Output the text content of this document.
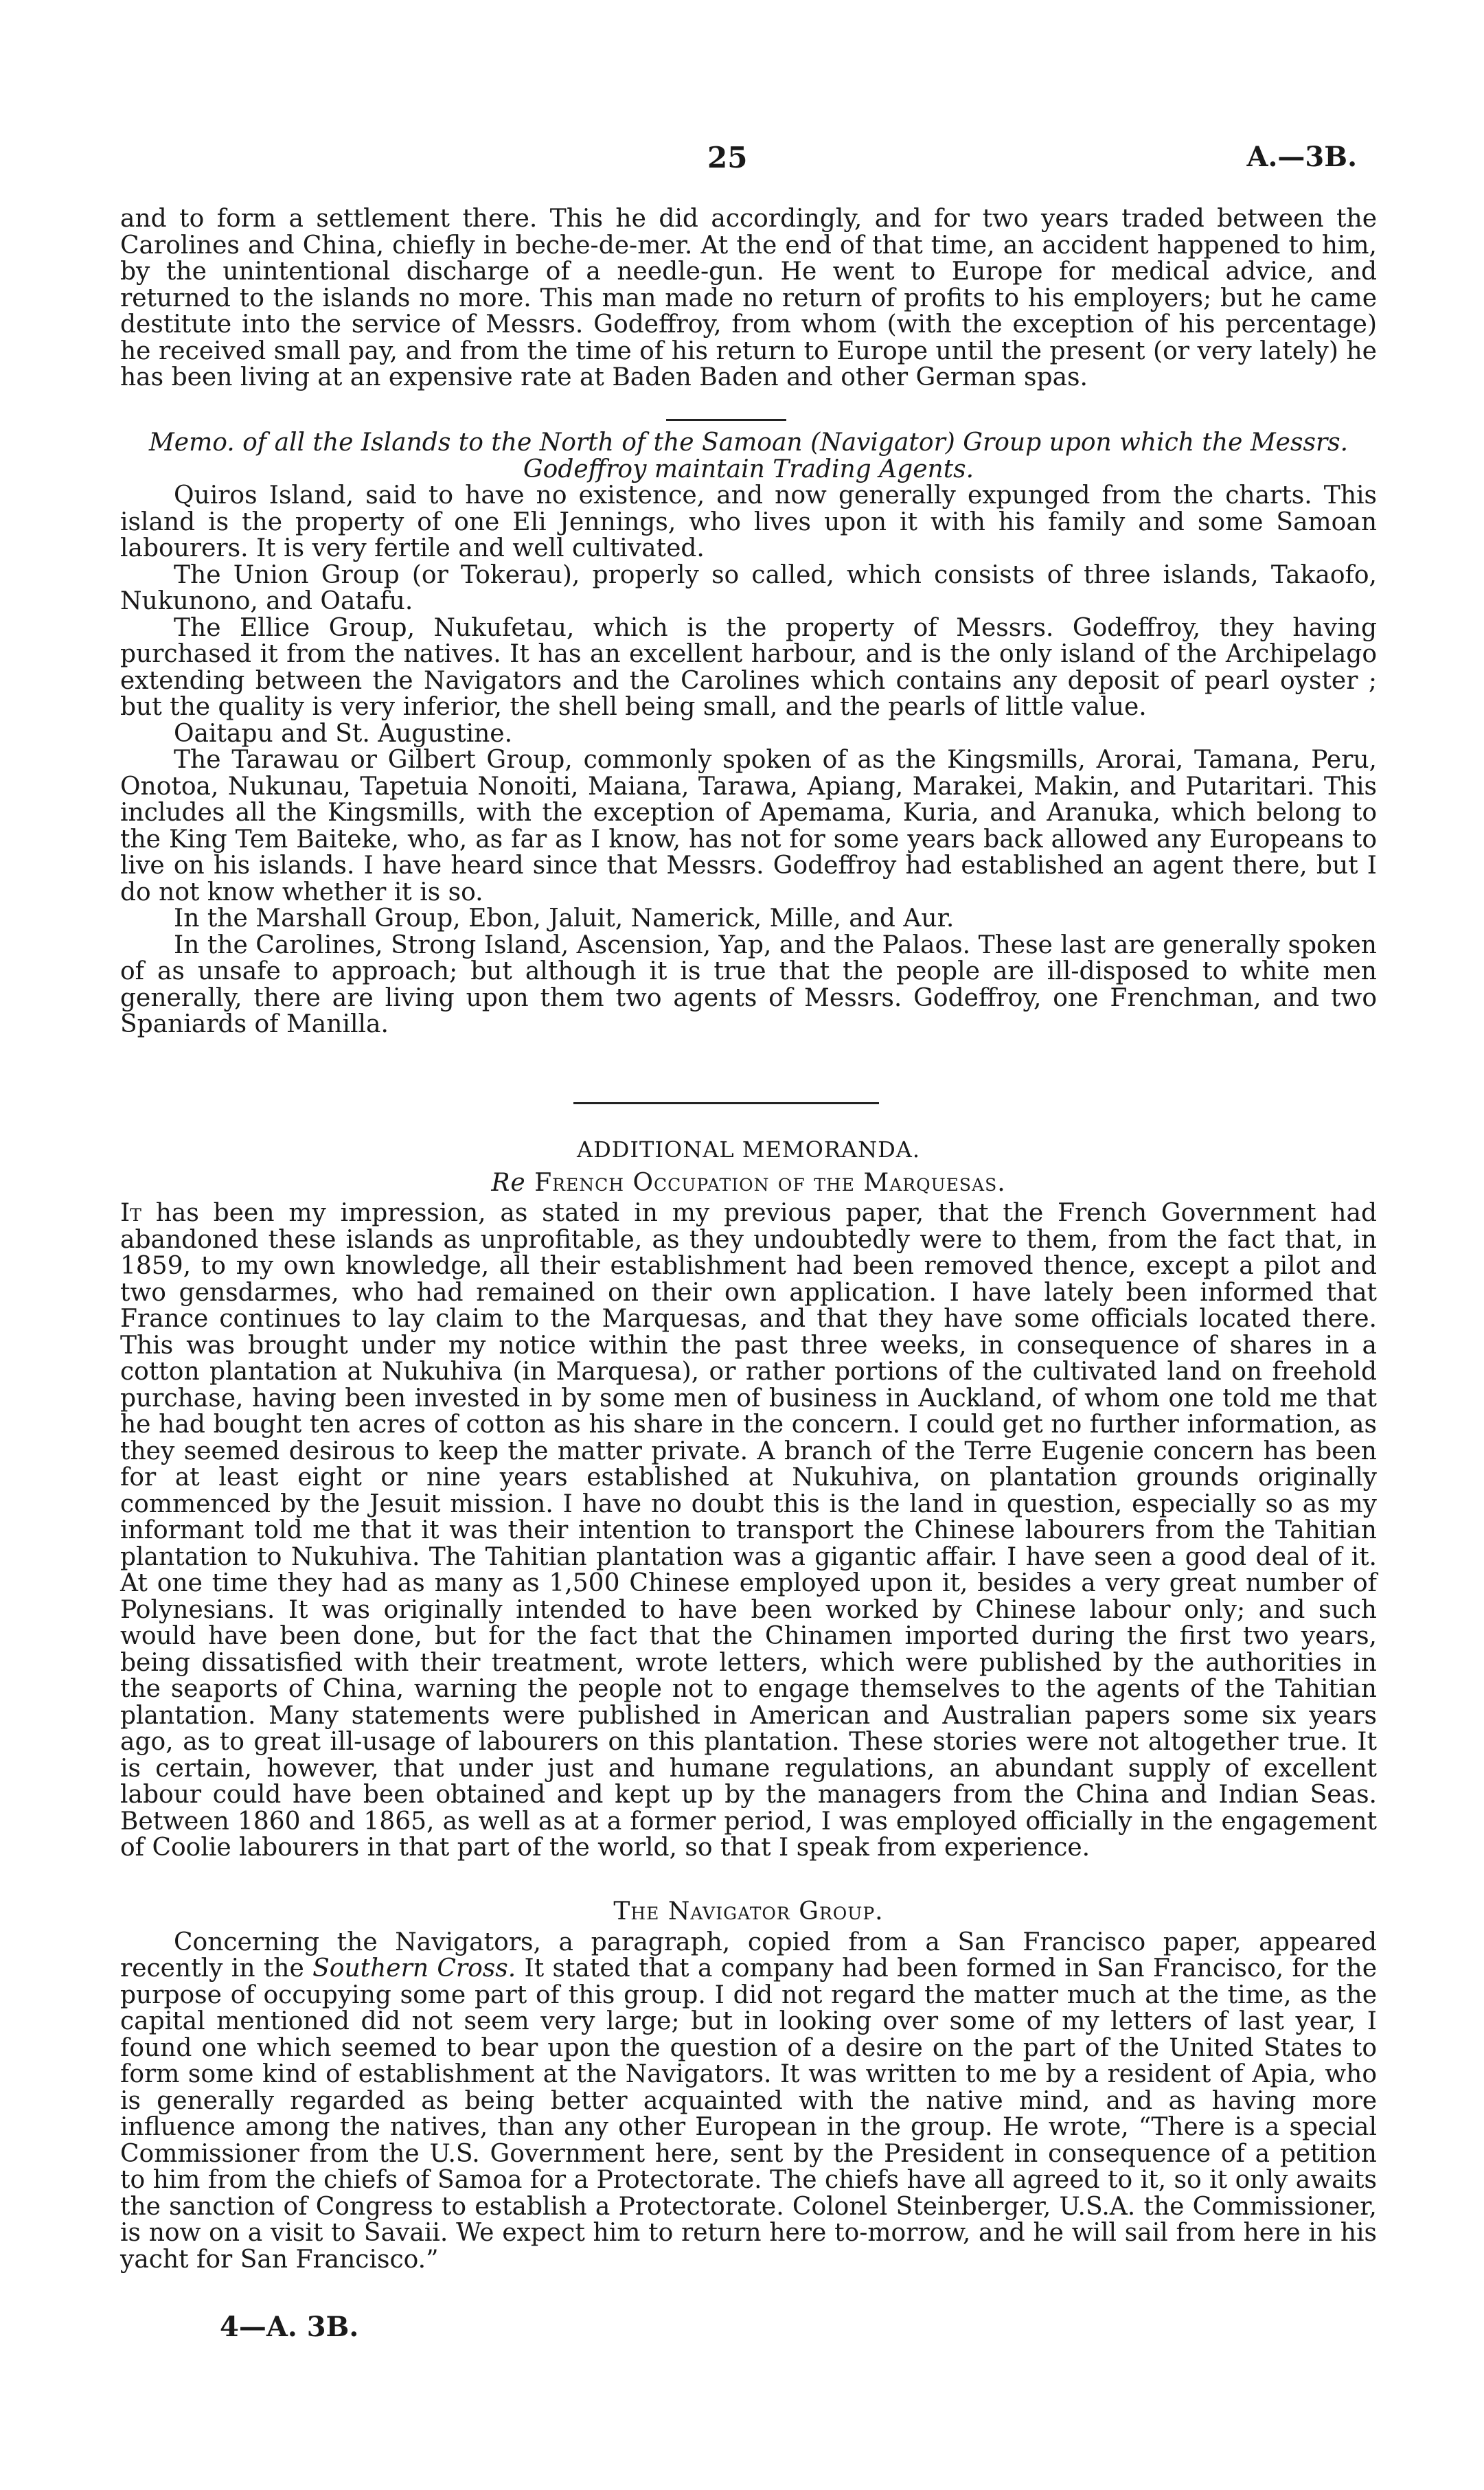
25	A.—3B.

and to form a settlement there. This he did accordingly, and for two years traded between the Carolines and China, chiefly in beche-de-mer. At the end of that time, an accident happened to him, by the unintentional discharge of a needle-gun. He went to Europe for medical advice, and returned to the islands no more. This man made no return of profits to his employers; but he came destitute into the service of Messrs. Godeffroy, from whom (with the exception of his percentage) he received small pay, and from the time of his return to Europe until the present (or very lately) he has been living at an expensive rate at Baden Baden and other German spas.

Memo. of all the Islands to the North of the Samoan (Navigator) Group upon which the Messrs. Godeffroy maintain Trading Agents.

Quiros Island, said to have no existence, and now generally expunged from the charts. This island is the property of one Eli Jennings, who lives upon it with his family and some Samoan labourers. It is very fertile and well cultivated.

The Union Group (or Tokerau), properly so called, which consists of three islands, Takaofo, Nukunono, and Oatafu.

The Ellice Group, Nukufetau, which is the property of Messrs. Godeffroy, they having purchased it from the natives. It has an excellent harbour, and is the only island of the Archipelago extending between the Navigators and the Carolines which contains any deposit of pearl oyster ; but the quality is very inferior, the shell being small, and the pearls of little value.

Oaitapu and St. Augustine.

The Tarawau or Gilbert Group, commonly spoken of as the Kingsmills, Arorai, Tamana, Peru, Onotoa, Nukunau, Tapetuia Nonoiti, Maiana, Tarawa, Apiang, Marakei, Makin, and Putaritari. This includes all the Kingsmills, with the exception of Apemama, Kuria, and Aranuka, which belong to the King Tem Baiteke, who, as far as I know, has not for some years back allowed any Europeans to live on his islands. I have heard since that Messrs. Godeffroy had established an agent there, but I do not know whether it is so.

In the Marshall Group, Ebon, Jaluit, Namerick, Mille, and Aur.

In the Carolines, Strong Island, Ascension, Yap, and the Palaos. These last are generally spoken of as unsafe to approach; but although it is true that the people are ill-disposed to white men generally, there are living upon them two agents of Messrs. Godeffroy, one Frenchman, and two Spaniards of Manilla.

ADDITIONAL MEMORANDA.

Re French Occupation of the Marquesas.

It has been my impression, as stated in my previous paper, that the French Government had abandoned these islands as unprofitable, as they undoubtedly were to them, from the fact that, in 1859, to my own knowledge, all their establishment had been removed thence, except a pilot and two gensdarmes, who had remained on their own application. I have lately been informed that France continues to lay claim to the Marquesas, and that they have some officials located there. This was brought under my notice within the past three weeks, in consequence of shares in a cotton plantation at Nukuhiva (in Marquesa), or rather portions of the cultivated land on freehold purchase, having been invested in by some men of business in Auckland, of whom one told me that he had bought ten acres of cotton as his share in the concern. I could get no further information, as they seemed desirous to keep the matter private. A branch of the Terre Eugenie concern has been for at least eight or nine years established at Nukuhiva, on plantation grounds originally commenced by the Jesuit mission. I have no doubt this is the land in question, especially so as my informant told me that it was their intention to transport the Chinese labourers from the Tahitian plantation to Nukuhiva. The Tahitian plantation was a gigantic affair. I have seen a good deal of it. At one time they had as many as 1,500 Chinese employed upon it, besides a very great number of Polynesians. It was originally intended to have been worked by Chinese labour only; and such would have been done, but for the fact that the Chinamen imported during the first two years, being dissatisfied with their treatment, wrote letters, which were published by the authorities in the seaports of China, warning the people not to engage themselves to the agents of the Tahitian plantation. Many statements were published in American and Australian papers some six years ago, as to great ill-usage of labourers on this plantation. These stories were not altogether true. It is certain, however, that under just and humane regulations, an abundant supply of excellent labour could have been obtained and kept up by the managers from the China and Indian Seas. Between 1860 and 1865, as well as at a former period, I was employed officially in the engagement of Coolie labourers in that part of the world, so that I speak from experience.

The Navigator Group.

Concerning the Navigators, a paragraph, copied from a San Francisco paper, appeared recently in the Southern Cross. It stated that a company had been formed in San Francisco, for the purpose of occupying some part of this group. I did not regard the matter much at the time, as the capital mentioned did not seem very large; but in looking over some of my letters of last year, I found one which seemed to bear upon the question of a desire on the part of the United States to form some kind of establishment at the Navigators. It was written to me by a resident of Apia, who is generally regarded as being better acquainted with the native mind, and as having more influence among the natives, than any other European in the group. He wrote, “There is a special Commissioner from the U.S. Government here, sent by the President in consequence of a petition to him from the chiefs of Samoa for a Protectorate. The chiefs have all agreed to it, so it only awaits the sanction of Congress to establish a Protectorate. Colonel Steinberger, U.S.A. the Commissioner, is now on a visit to Savaii. We expect him to return here to-morrow, and he will sail from here in his yacht for San Francisco.”

4—A. 3B.
